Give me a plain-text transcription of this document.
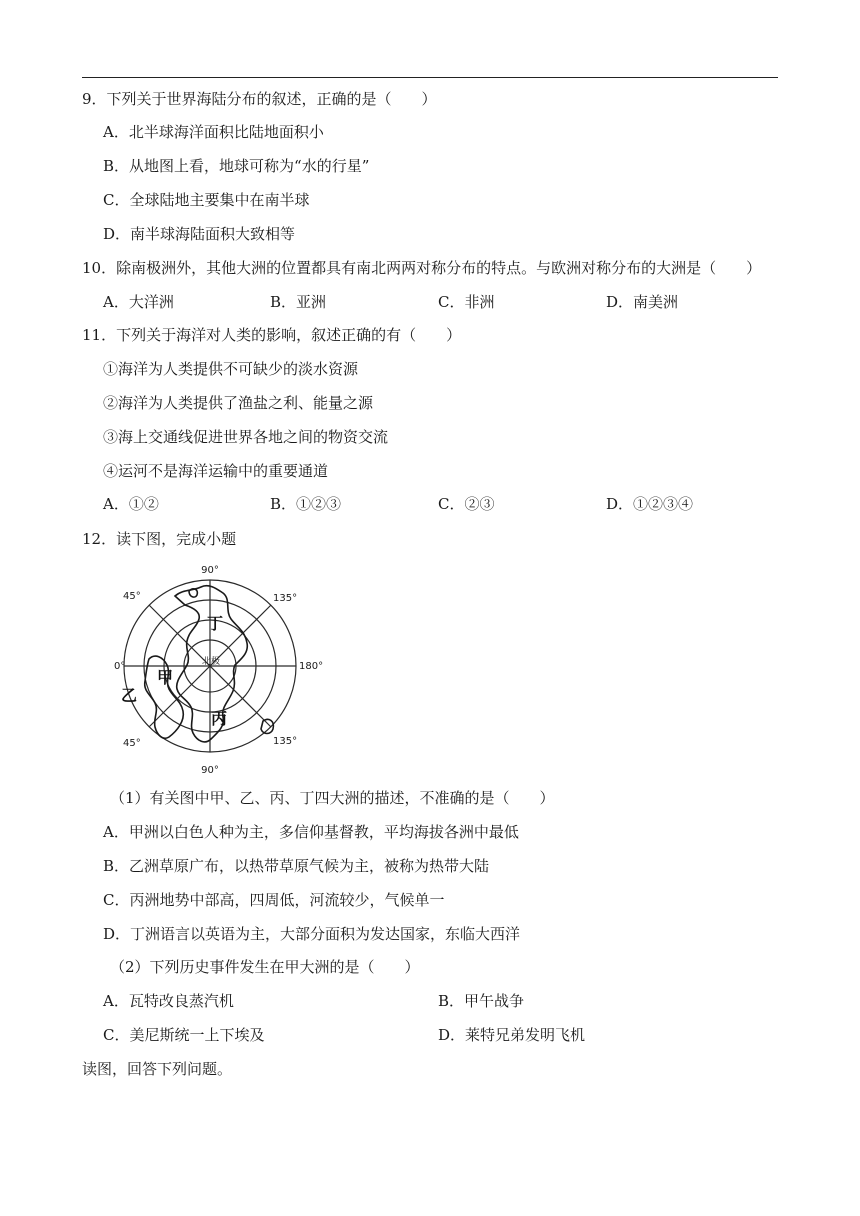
9．下列关于世界海陆分布的叙述，正确的是（　　）
A．北半球海洋面积比陆地面积小
B．从地图上看，地球可称为“水的行星”
C．全球陆地主要集中在南半球
D．南半球海陆面积大致相等
10．除南极洲外，其他大洲的位置都具有南北两两对称分布的特点。与欧洲对称分布的大洲是（　　）
A．大洋洲	B．亚洲	C．非洲	D．南美洲
11．下列关于海洋对人类的影响，叙述正确的有（　　）
①海洋为人类提供不可缺少的淡水资源
②海洋为人类提供了渔盐之利、能量之源
③海上交通线促进世界各地之间的物资交流
④运河不是海洋运输中的重要通道
A．①②	B．①②③	C．②③	D．①②③④
12．读下图，完成小题
90°
90°
0°	180°
45°	135°
45°	135°
北极
甲
乙
丙
丁
（1）有关图中甲、乙、丙、丁四大洲的描述，不准确的是（　　）
A．甲洲以白色人种为主，多信仰基督教，平均海拔各洲中最低
B．乙洲草原广布，以热带草原气候为主，被称为热带大陆
C．丙洲地势中部高，四周低，河流较少，气候单一
D．丁洲语言以英语为主，大部分面积为发达国家，东临大西洋
（2）下列历史事件发生在甲大洲的是（　　）
A．瓦特改良蒸汽机	B．甲午战争
C．美尼斯统一上下埃及	D．莱特兄弟发明飞机
读图，回答下列问题。
